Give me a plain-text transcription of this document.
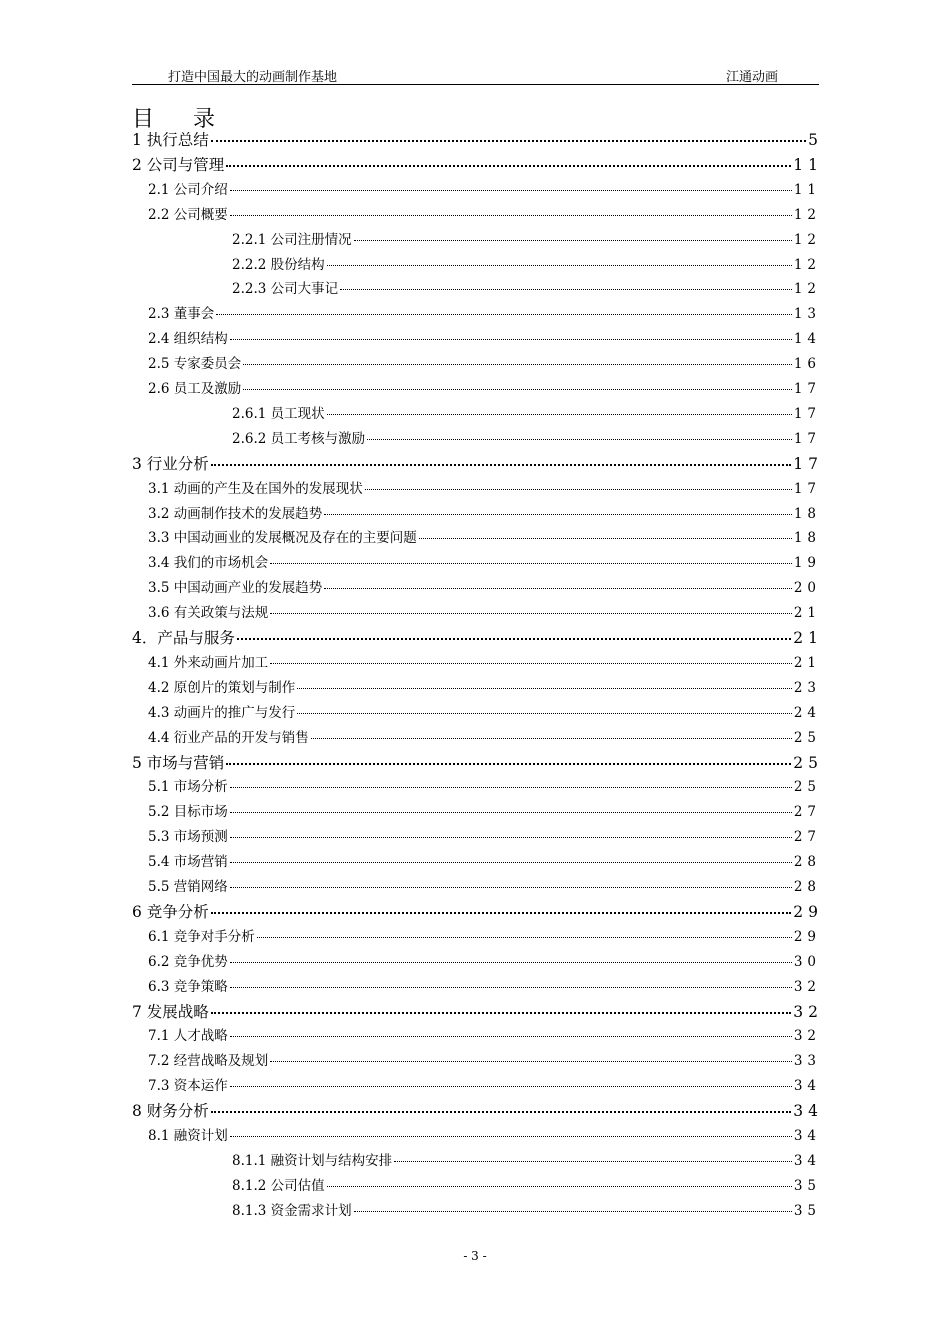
打造中国最大的动画制作基地	江通动画
目 录
1 执行总结	5
2 公司与管理	11
2.1 公司介绍	11
2.2 公司概要	12
2.2.1 公司注册情况	12
2.2.2 股份结构	12
2.2.3 公司大事记	12
2.3 董事会	13
2.4 组织结构	14
2.5 专家委员会	16
2.6 员工及激励	17
2.6.1 员工现状	17
2.6.2 员工考核与激励	17
3 行业分析	17
3.1 动画的产生及在国外的发展现状	17
3.2 动画制作技术的发展趋势	18
3.3 中国动画业的发展概况及存在的主要问题	18
3.4 我们的市场机会	19
3.5 中国动画产业的发展趋势	20
3.6 有关政策与法规	21
4．产品与服务	21
4.1 外来动画片加工	21
4.2 原创片的策划与制作	23
4.3 动画片的推广与发行	24
4.4 衍业产品的开发与销售	25
5 市场与营销	25
5.1 市场分析	25
5.2 目标市场	27
5.3 市场预测	27
5.4 市场营销	28
5.5 营销网络	28
6 竞争分析	29
6.1 竞争对手分析	29
6.2 竞争优势	30
6.3 竞争策略	32
7 发展战略	32
7.1 人才战略	32
7.2 经营战略及规划	33
7.3 资本运作	34
8 财务分析	34
8.1 融资计划	34
8.1.1 融资计划与结构安排	34
8.1.2 公司估值	35
8.1.3 资金需求计划	35
- 3 -
